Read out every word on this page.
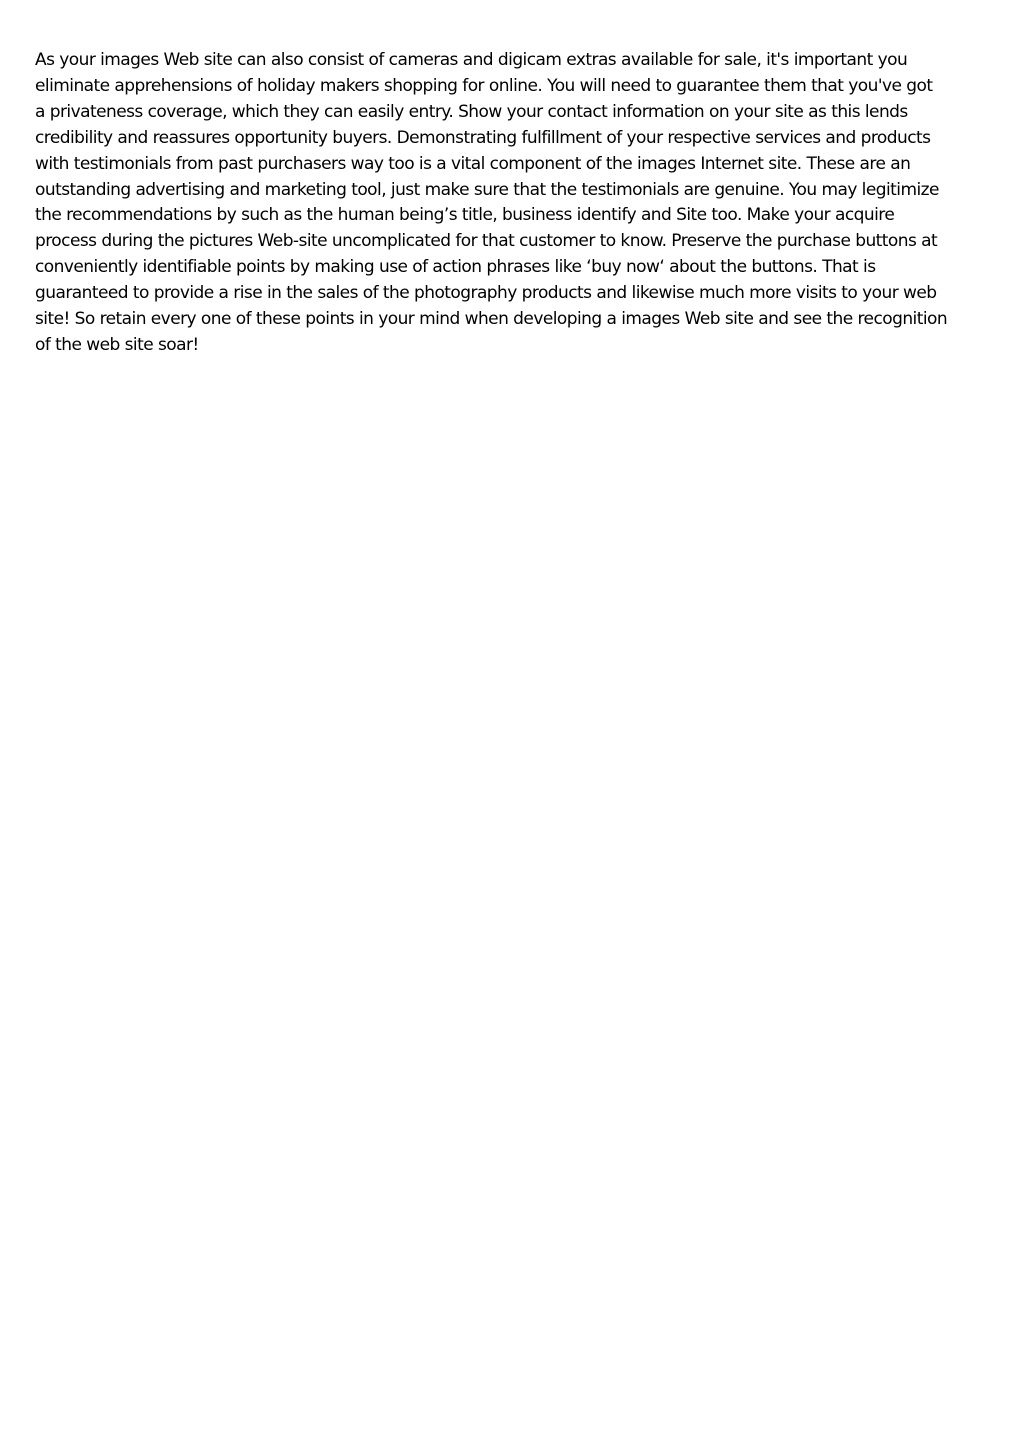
As your images Web site can also consist of cameras and digicam extras available for sale, it's important you
eliminate apprehensions of holiday makers shopping for online. You will need to guarantee them that you've got
a privateness coverage, which they can easily entry. Show your contact information on your site as this lends
credibility and reassures opportunity buyers. Demonstrating fulfillment of your respective services and products
with testimonials from past purchasers way too is a vital component of the images Internet site. These are an
outstanding advertising and marketing tool, just make sure that the testimonials are genuine. You may legitimize
the recommendations by such as the human being’s title, business identify and Site too. Make your acquire
process during the pictures Web-site uncomplicated for that customer to know. Preserve the purchase buttons at
conveniently identifiable points by making use of action phrases like ‘buy now‘ about the buttons. That is
guaranteed to provide a rise in the sales of the photography products and likewise much more visits to your web
site! So retain every one of these points in your mind when developing a images Web site and see the recognition
of the web site soar!
